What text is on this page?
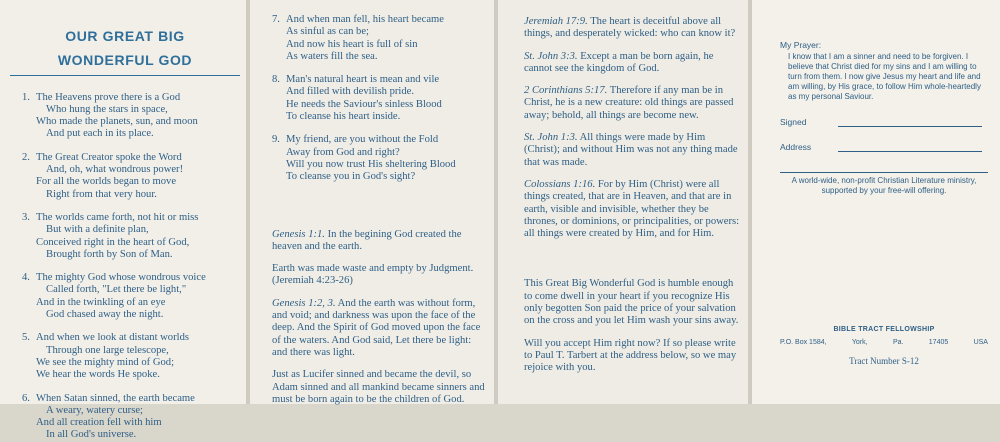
OUR GREAT BIG
WONDERFUL GOD
1. The Heavens prove there is a God
Who hung the stars in space,
Who made the planets, sun, and moon
And put each in its place.
2. The Great Creator spoke the Word
And, oh, what wondrous power!
For all the worlds began to move
Right from that very hour.
3. The worlds came forth, not hit or miss
But with a definite plan,
Conceived right in the heart of God,
Brought forth by Son of Man.
4. The mighty God whose wondrous voice
Called forth, "Let there be light,"
And in the twinkling of an eye
God chased away the night.
5. And when we look at distant worlds
Through one large telescope,
We see the mighty mind of God;
We hear the words He spoke.
6. When Satan sinned, the earth became
A weary, watery curse;
And all creation fell with him
In all God's universe.
7. And when man fell, his heart became
As sinful as can be;
And now his heart is full of sin
As waters fill the sea.
8. Man's natural heart is mean and vile
And filled with devilish pride.
He needs the Saviour's sinless Blood
To cleanse his heart inside.
9. My friend, are you without the Fold
Away from God and right?
Will you now trust His sheltering Blood
To cleanse you in God's sight?
Genesis 1:1. In the begining God created the heaven and the earth.
Earth was made waste and empty by Judgment. (Jeremiah 4:23-26)
Genesis 1:2, 3. And the earth was without form, and void; and darkness was upon the face of the deep. And the Spirit of God moved upon the face of the waters. And God said, Let there be light: and there was light.
Just as Lucifer sinned and became the devil, so Adam sinned and all mankind became sinners and must be born again to be the children of God.
Jeremiah 17:9. The heart is deceitful above all things, and desperately wicked: who can know it?
St. John 3:3. Except a man be born again, he cannot see the kingdom of God.
2 Corinthians 5:17. Therefore if any man be in Christ, he is a new creature: old things are passed away; behold, all things are become new.
St. John 1:3. All things were made by Him (Christ); and without Him was not any thing made that was made.
Colossians 1:16. For by Him (Christ) were all things created, that are in Heaven, and that are in earth, visible and invisible, whether they be thrones, or dominions, or principalities, or powers: all things were created by Him, and for Him.
This Great Big Wonderful God is humble enough to come dwell in your heart if you recognize His only begotten Son paid the price of your salvation on the cross and you let Him wash your sins away.
Will you accept Him right now? If so please write to Paul T. Tarbert at the address below, so we may rejoice with you.
My Prayer:
I know that I am a sinner and need to be forgiven. I believe that Christ died for my sins and I am willing to turn from them. I now give Jesus my heart and life and am willing, by His grace, to follow Him whole-heartedly as my personal Saviour.
Signed
Address
A world-wide, non-profit Christian Literature ministry, supported by your free-will offering.
BIBLE TRACT FELLOWSHIP
P.O. Box 1584,	York,	Pa.	17405	USA
Tract Number S-12
